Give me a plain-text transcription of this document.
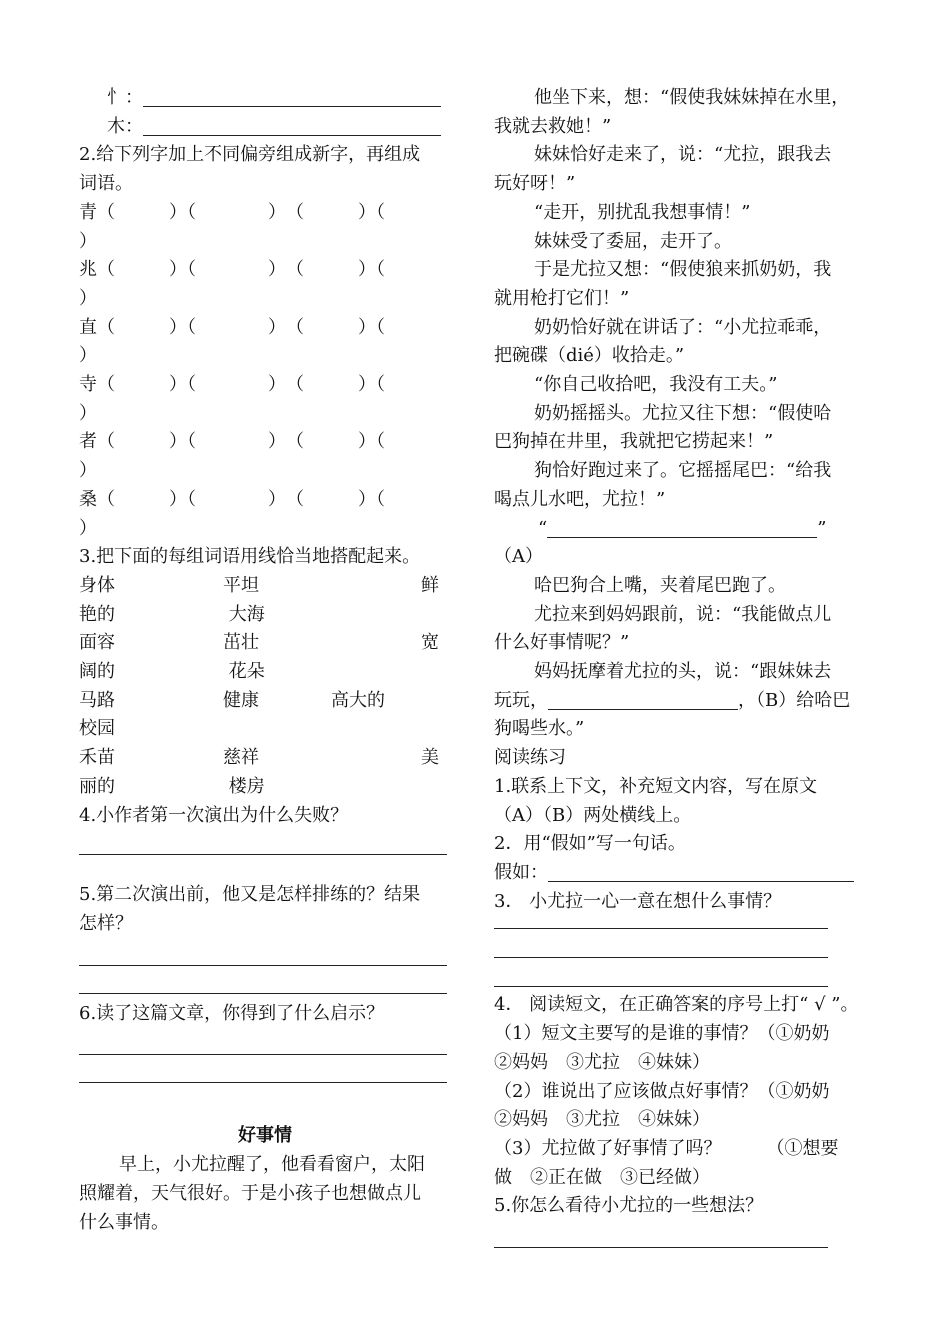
忄：
木：
2.给下列字加上不同偏旁组成新字，再组成
词语。
青（　　　）（　　　　）　（　　　）（
）
兆（　　　）（　　　　）　（　　　）（
）
直（　　　）（　　　　）　（　　　）（
）
寺（　　　）（　　　　）　（　　　）（
）
者（　　　）（　　　　）　（　　　）（
）
桑（　　　）（　　　　）　（　　　）（
）
3.把下面的每组词语用线恰当地搭配起来。
身体　　　　　　平坦　　　　　　　　　鲜
艳的　　　　　　 大海
面容　　　　　　茁壮　　　　　　　　　宽
阔的　　　　　　 花朵
马路　　　　　　健康　　　　高大的
校园
禾苗　　　　　　慈祥　　　　　　　　　美
丽的　　　　　　 楼房
4.小作者第一次演出为什么失败？
5.第二次演出前，他又是怎样排练的？结果
怎样？
6.读了这篇文章，你得到了什么启示？
好事情
早上，小尤拉醒了，他看看窗户，太阳
照耀着，天气很好。于是小孩子也想做点儿
什么事情。
他坐下来，想：“假使我妹妹掉在水里，
我就去救她！”
妹妹恰好走来了，说：“尤拉，跟我去
玩好呀！”
“走开，别扰乱我想事情！”
妹妹受了委屈，走开了。
于是尤拉又想：“假使狼来抓奶奶，我
就用枪打它们！”
奶奶恰好就在讲话了：“小尤拉乖乖，
把碗碟（dié）收拾走。”
“你自己收拾吧，我没有工夫。”
奶奶摇摇头。尤拉又往下想：“假使哈
巴狗掉在井里，我就把它捞起来！”
狗恰好跑过来了。它摇摇尾巴：“给我
喝点儿水吧，尤拉！”
“	”
（A）
哈巴狗合上嘴，夹着尾巴跑了。
尤拉来到妈妈跟前，说：“我能做点儿
什么好事情呢？”
妈妈抚摩着尤拉的头，说：“跟妹妹去
玩玩，	，（B）给哈巴
狗喝些水。”
阅读练习
1.联系上下文，补充短文内容，写在原文
（A）（B）两处横线上。
2．用“假如”写一句话。
假如：
3． 小尤拉一心一意在想什么事情？
4． 阅读短文，在正确答案的序号上打“ √ ”。
（1）短文主要写的是谁的事情？（①奶奶
②妈妈　③尤拉　④妹妹）
（2）谁说出了应该做点好事情？（①奶奶
②妈妈　③尤拉　④妹妹）
（3）尤拉做了好事情了吗？　　　（①想要
做　②正在做　③已经做）
5.你怎么看待小尤拉的一些想法？
